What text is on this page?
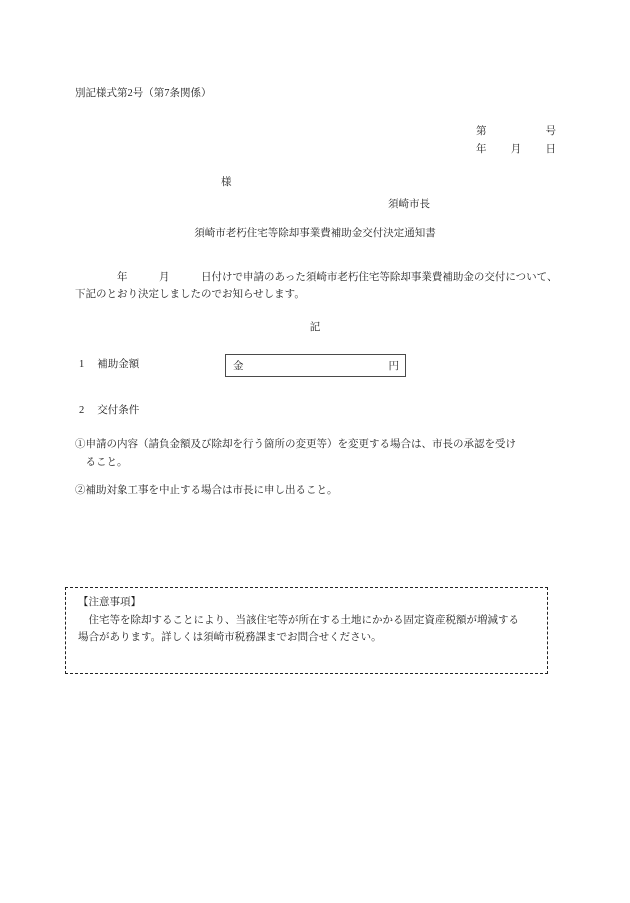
別記様式第2号（第7条関係）
第	号
年 月 日
様
須崎市長
須崎市老朽住宅等除却事業費補助金交付決定通知書
　　　　年　　　月　　　日付けで申請のあった須崎市老朽住宅等除却事業費補助金の交付について、
下記のとおり決定しましたのでお知らせします。
記
1 補助金額	金	円
2 交付条件
①申請の内容（請負金額及び除却を行う箇所の変更等）を変更する場合は、市長の承認を受け
　ること。
②補助対象工事を中止する場合は市長に申し出ること。
【注意事項】
　住宅等を除却することにより、当該住宅等が所在する土地にかかる固定資産税額が増減する
場合があります。詳しくは須崎市税務課までお問合せください。
